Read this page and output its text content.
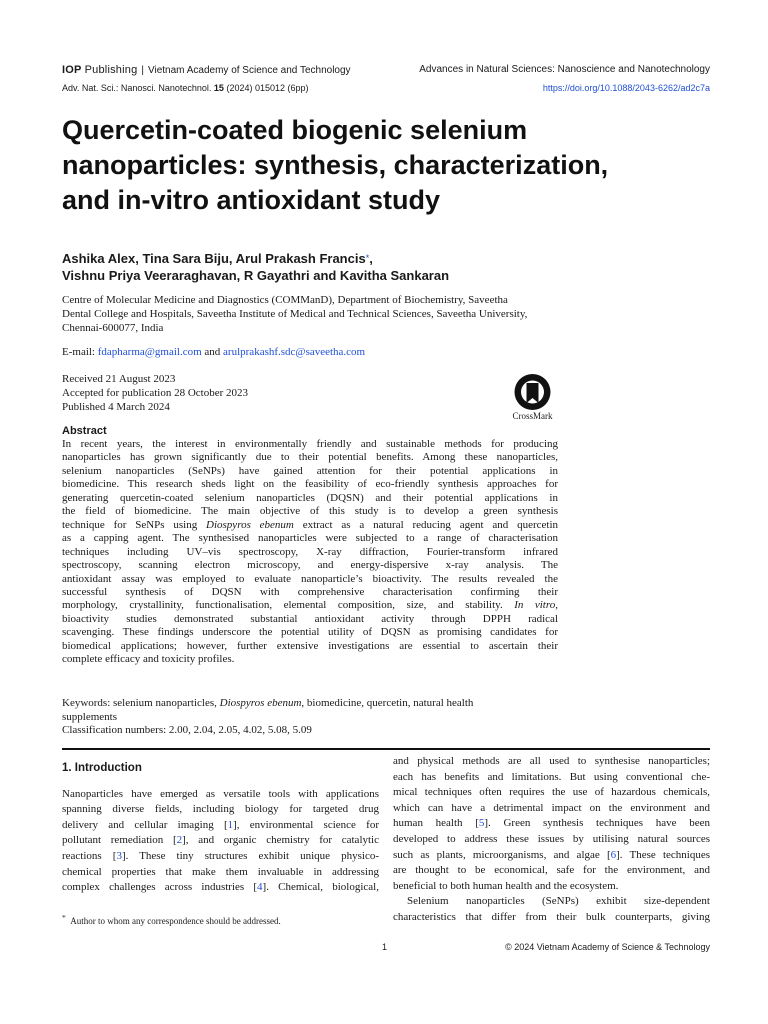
IOP Publishing | Vietnam Academy of Science and Technology	Advances in Natural Sciences: Nanoscience and Nanotechnology
Adv. Nat. Sci.: Nanosci. Nanotechnol. 15 (2024) 015012 (6pp)	https://doi.org/10.1088/2043-6262/ad2c7a
Quercetin-coated biogenic selenium
nanoparticles: synthesis, characterization,
and in-vitro antioxidant study
Ashika Alex, Tina Sara Biju, Arul Prakash Francis*,
Vishnu Priya Veeraraghavan, R Gayathri and Kavitha Sankaran
Centre of Molecular Medicine and Diagnostics (COMManD), Department of Biochemistry, Saveetha
Dental College and Hospitals, Saveetha Institute of Medical and Technical Sciences, Saveetha University,
Chennai-600077, India
E-mail: fdapharma@gmail.com and arulprakashf.sdc@saveetha.com
Received 21 August 2023
Accepted for publication 28 October 2023
Published 4 March 2024
CrossMark
Abstract
In recent years, the interest in environmentally friendly and sustainable methods for producing
nanoparticles has grown significantly due to their potential benefits. Among these nanoparticles,
selenium nanoparticles (SeNPs) have gained attention for their potential applications in
biomedicine. This research sheds light on the feasibility of eco-friendly synthesis approaches for
generating quercetin-coated selenium nanoparticles (DQSN) and their potential applications in
the field of biomedicine. The main objective of this study is to develop a green synthesis
technique for SeNPs using Diospyros ebenum extract as a natural reducing agent and quercetin
as a capping agent. The synthesised nanoparticles were subjected to a range of characterisation
techniques including UV–vis spectroscopy, X-ray diffraction, Fourier-transform infrared
spectroscopy, scanning electron microscopy, and energy-dispersive x-ray analysis. The
antioxidant assay was employed to evaluate nanoparticle’s bioactivity. The results revealed the
successful synthesis of DQSN with comprehensive characterisation confirming their
morphology, crystallinity, functionalisation, elemental composition, size, and stability. In vitro,
bioactivity studies demonstrated substantial antioxidant activity through DPPH radical
scavenging. These findings underscore the potential utility of DQSN as promising candidates for
biomedical applications; however, further extensive investigations are essential to ascertain their
complete efficacy and toxicity profiles.
Keywords: selenium nanoparticles, Diospyros ebenum, biomedicine, quercetin, natural health
supplements
Classification numbers: 2.00, 2.04, 2.05, 4.02, 5.08, 5.09
1. Introduction
Nanoparticles have emerged as versatile tools with applications
spanning diverse fields, including biology for targeted drug
delivery and cellular imaging [1], environmental science for
pollutant remediation [2], and organic chemistry for catalytic
reactions [3]. These tiny structures exhibit unique physico-
chemical properties that make them invaluable in addressing
complex challenges across industries [4]. Chemical, biological,
and physical methods are all used to synthesise nanoparticles;
each has benefits and limitations. But using conventional che-
mical techniques often requires the use of hazardous chemicals,
which can have a detrimental impact on the environment and
human health [5]. Green synthesis techniques have been
developed to address these issues by utilising natural sources
such as plants, microorganisms, and algae [6]. These techniques
are thought to be economical, safe for the environment, and
beneficial to both human health and the ecosystem.
Selenium nanoparticles (SeNPs) exhibit size-dependent
characteristics that differ from their bulk counterparts, giving
* Author to whom any correspondence should be addressed.
1	© 2024 Vietnam Academy of Science & Technology
